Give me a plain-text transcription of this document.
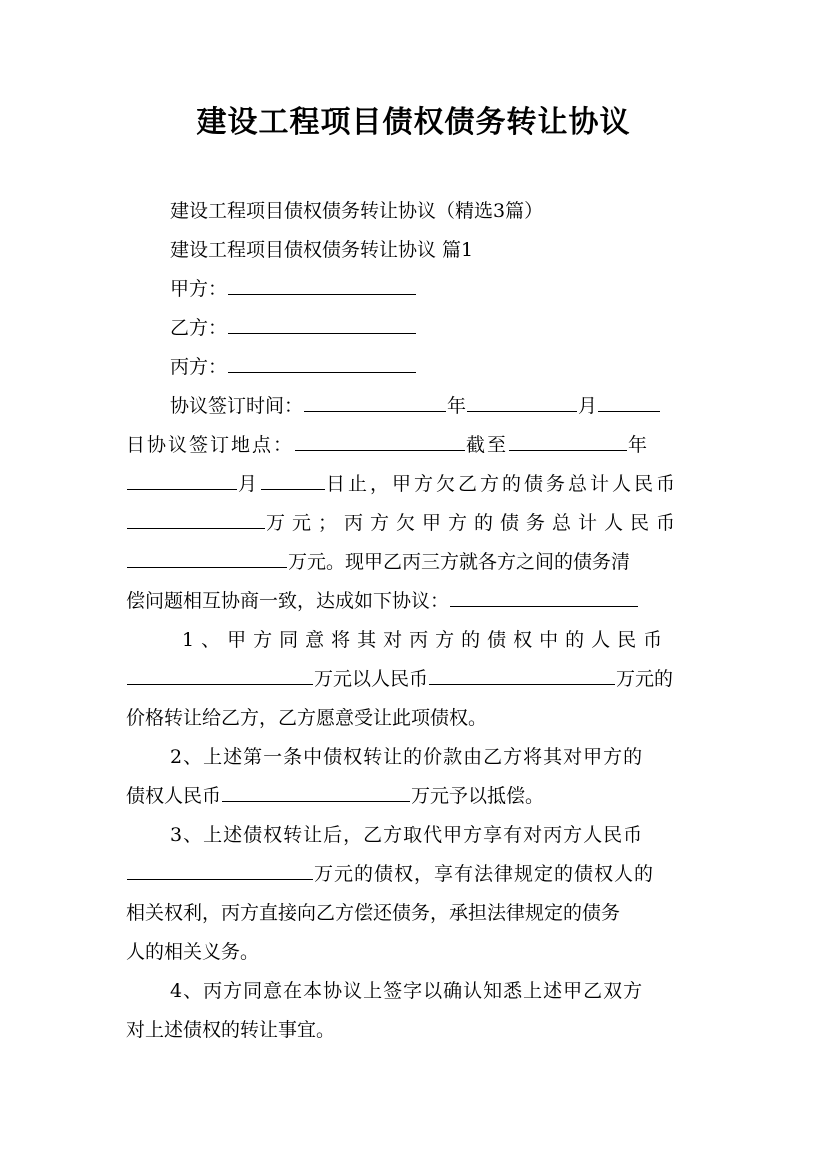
建设工程项目债权债务转让协议
建设工程项目债权债务转让协议（精选3篇）
建设工程项目债权债务转让协议 篇1
甲方：
乙方：
丙方：
协议签订时间：	年	月
日协议签订地点：	截至	年
月	日止，甲方欠乙方的债务总计人民币
万元；丙方欠甲方的债务总计人民币
万元。现甲乙丙三方就各方之间的债务清
偿问题相互协商一致，达成如下协议：
1、甲方同意将其对丙方的债权中的人民币
万元以人民币	万元的
价格转让给乙方，乙方愿意受让此项债权。
2、上述第一条中债权转让的价款由乙方将其对甲方的
债权人民币	万元予以抵偿。
3、上述债权转让后，乙方取代甲方享有对丙方人民币
万元的债权，享有法律规定的债权人的
相关权利，丙方直接向乙方偿还债务，承担法律规定的债务
人的相关义务。
4、丙方同意在本协议上签字以确认知悉上述甲乙双方
对上述债权的转让事宜。
